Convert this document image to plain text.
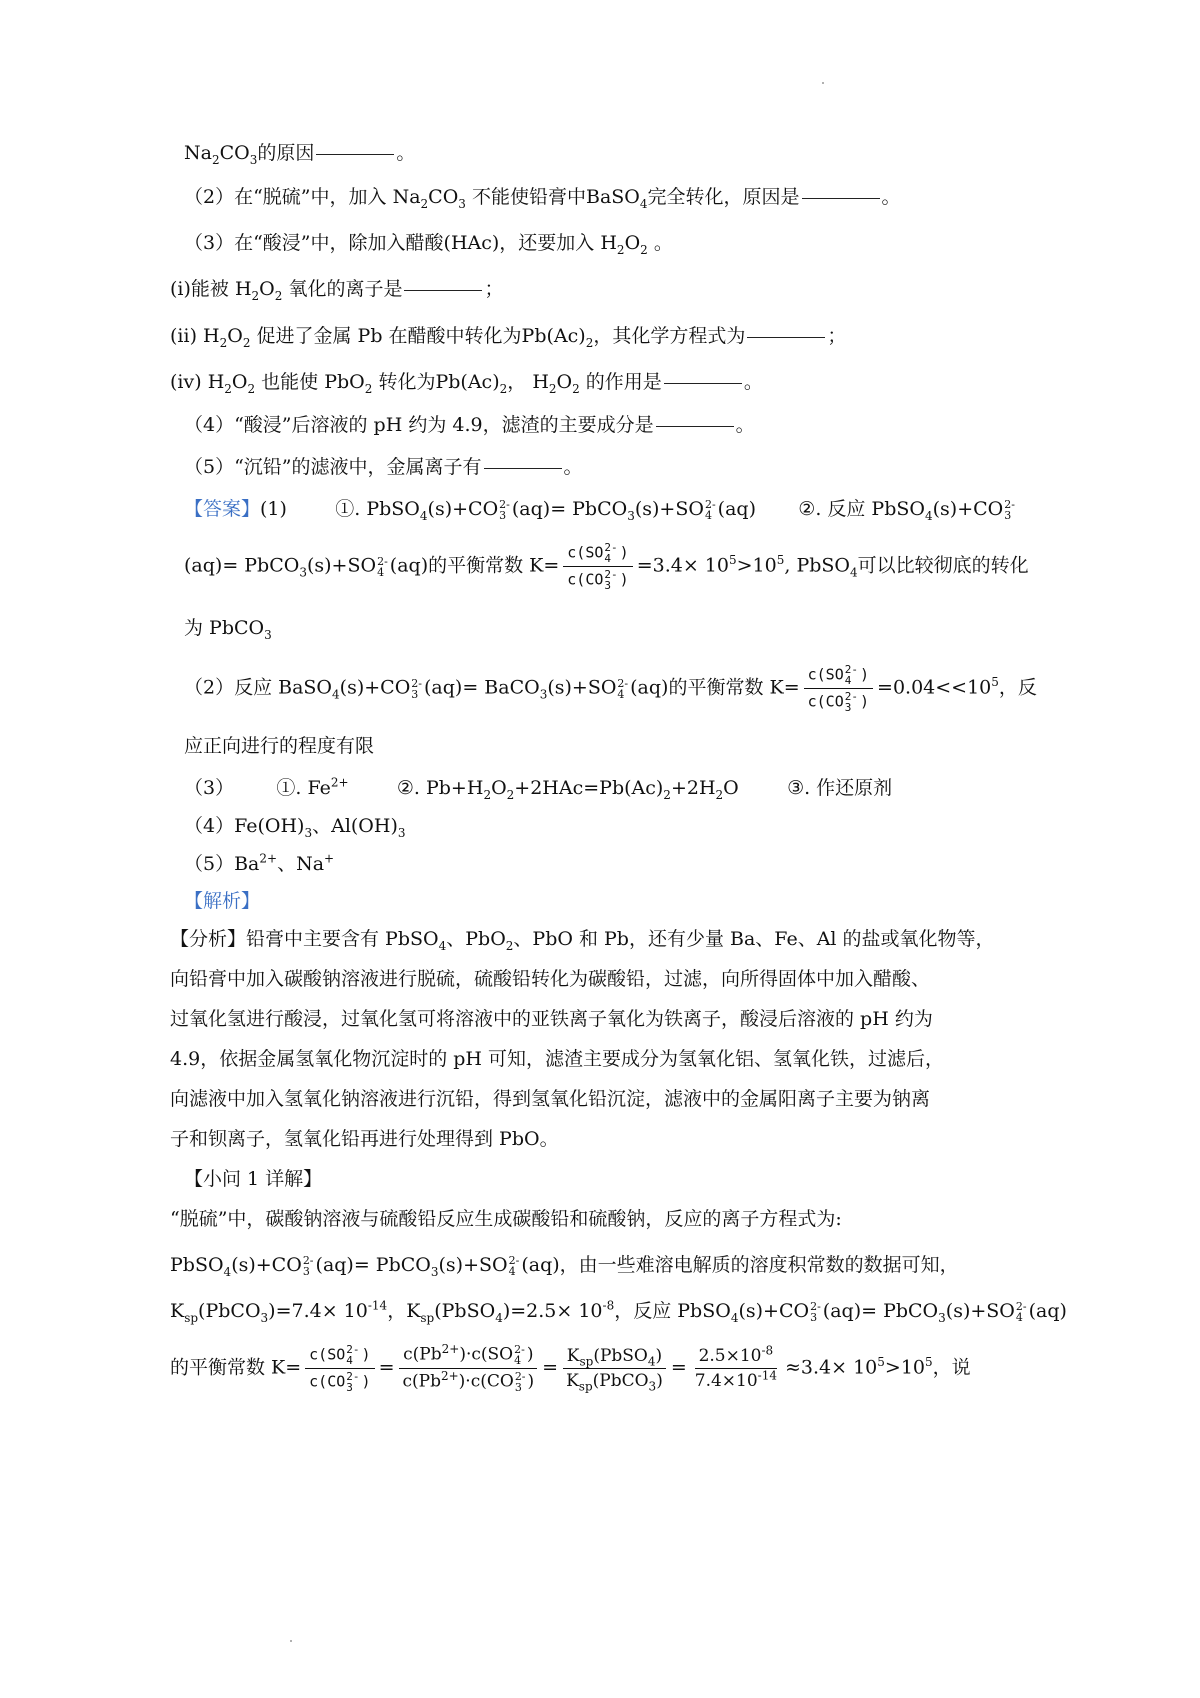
$Na_2CO_3$的原因	。
（2）在“脱硫”中，加入 $Na_2CO_3$ 不能使铅膏中BaSO$_4$完全转化，原因是	。
（3）在“酸浸”中，除加入醋酸(HAc)，还要加入 $H_2O_2$ 。
(ⅰ)能被 $H_2O_2$ 氧化的离子是	；
(ⅱ) $H_2O_2$ 促进了金属 Pb 在醋酸中转化为$Pb(Ac)_2$，其化学方程式为	；
(ⅳ) $H_2O_2$ 也能使 PbO$_2$ 转化为$Pb(Ac)_2$， $H_2O_2$ 的作用是	。
（4）“酸浸”后溶液的 pH 约为 4.9，滤渣的主要成分是	。
（5）“沉铅”的滤液中，金属离子有	。
【答案】(1)	①. PbSO$_4$(s)+CO 2-
3 (aq)= PbCO$_3$(s)+SO 2-
4 (aq) ②. 反应 PbSO$_4$(s)+CO 2-
3
(aq)= PbCO$_3$(s)+SO 2-
4 (aq)的平衡常数 K= c(SO 2-
4 )
c(CO 2-
3 ) $=3.4\times 10^5>10^5$, PbSO$_4$可以比较彻底的转化
为 PbCO$_3$
（2）反应 BaSO$_4$(s)+CO 2-
3 (aq)= BaCO$_3$(s)+SO 2-
4 (aq)的平衡常数 K= c(SO 2-
4 )
c(CO 2-
3 ) $=0.04<<10^5$，反
应正向进行的程度有限
（3） ①. $Fe^{2+}$	②. $Pb+H_2O_2+2HAc=Pb(Ac)_2+2H_2O$	③. 作还原剂
$(4)Fe(OH)_3$、$Al(OH)_3$
$(5)Ba^{2+}$、Na+
【解析】
【分析】铅膏中主要含有 PbSO$_4$、PbO$_2$、PbO 和 Pb，还有少量 Ba、Fe、Al 的盐或氧化物等，
向铅膏中加入碳酸钠溶液进行脱硫，硫酸铅转化为碳酸铅，过滤，向所得固体中加入醋酸、
过氧化氢进行酸浸，过氧化氢可将溶液中的亚铁离子氧化为铁离子，酸浸后溶液的 pH 约为
4.9，依据金属氢氧化物沉淀时的 pH 可知，滤渣主要成分为氢氧化铝、氢氧化铁，过滤后，
向滤液中加入氢氧化钠溶液进行沉铅，得到氢氧化铅沉淀，滤液中的金属阳离子主要为钠离
子和钡离子，氢氧化铅再进行处理得到 PbO。
【小问 1 详解】
“脱硫”中，碳酸钠溶液与硫酸铅反应生成碳酸铅和硫酸钠，反应的离子方程式为:
PbSO$_4$(s)+CO 2-
3 (aq)= PbCO$_3$(s)+SO 2-
4 (aq)，由一些难溶电解质的溶度积常数的数据可知，
$K_{sp}(PbCO_3)=7.4\times 10^{-14}$，$K_{sp}(PbSO_4)=2.5\times 10^{-8}$，反应 PbSO$_4$(s)+CO 2-
3 (aq)= PbCO$_3$(s)+SO 2-
4 (aq)
的平衡常数 K= c(SO 2-
4 )
c(CO 2-
3 ) = $c(Pb^{2+})\cdot c(SO$ 2-
4 )
$c(Pb^{2+})\cdot c(CO$ 2-
3 ) = $\frac{K_{sp}(PbSO_4)}{K_{sp}(PbCO_3)} = \frac{2.5\times 10^{-8}}{7.4\times 10^{-14}} \approx 3.4\times 10^5>10^5$，说
